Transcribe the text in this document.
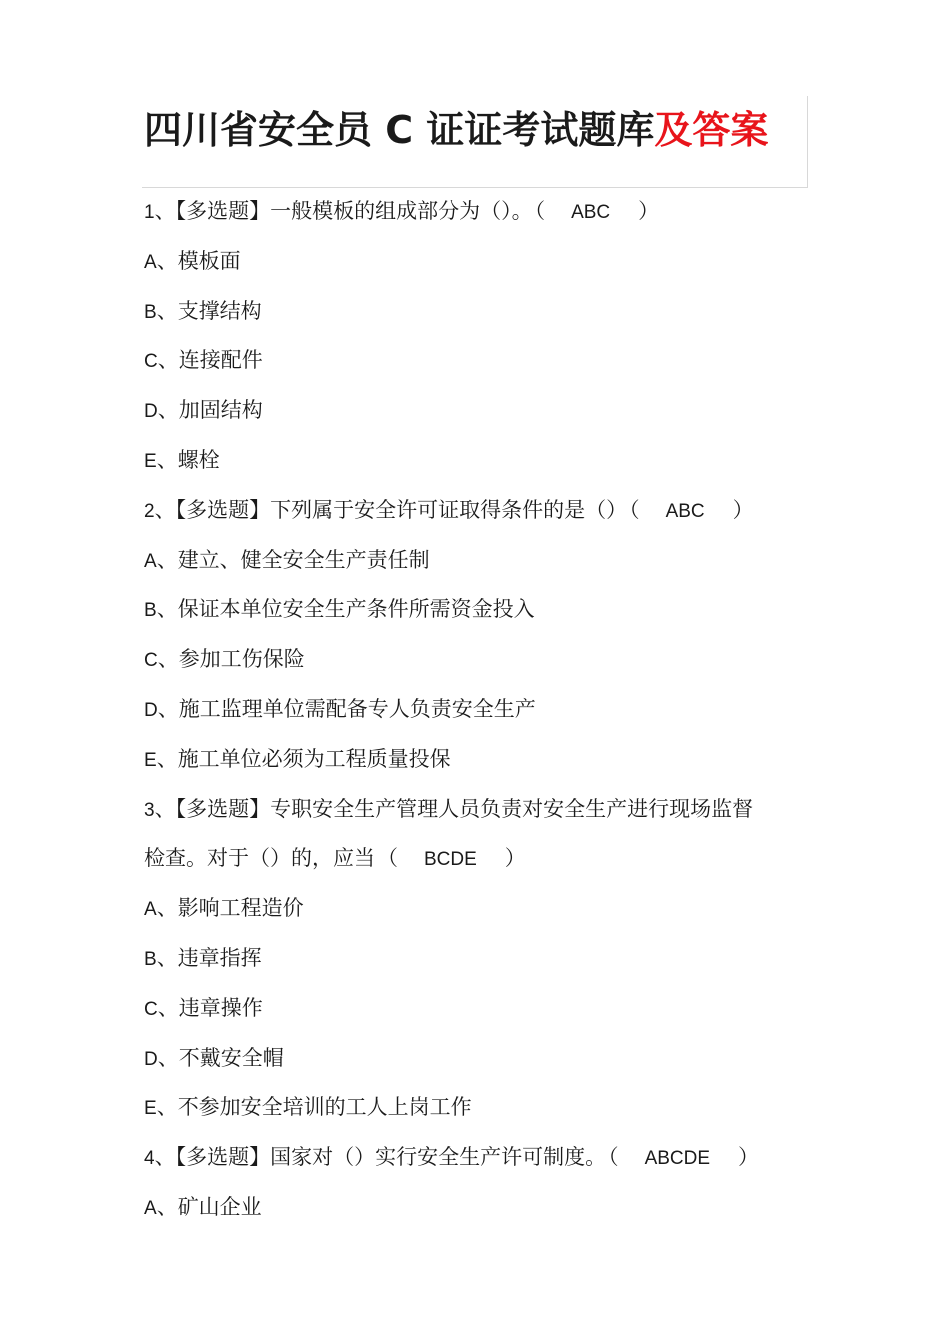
四川省安全员 C 证证考试题库及答案
1、【多选题】一般模板的组成部分为（）。（ ABC ）
A、模板面
B、支撑结构
C、连接配件
D、加固结构
E、螺栓
2、【多选题】下列属于安全许可证取得条件的是（）（ ABC ）
A、建立、健全安全生产责任制
B、保证本单位安全生产条件所需资金投入
C、参加工伤保险
D、施工监理单位需配备专人负责安全生产
E、施工单位必须为工程质量投保
3、【多选题】专职安全生产管理人员负责对安全生产进行现场监督
检查。对于（）的，应当（ BCDE ）
A、影响工程造价
B、违章指挥
C、违章操作
D、不戴安全帽
E、不参加安全培训的工人上岗工作
4、【多选题】国家对（）实行安全生产许可制度。（ ABCDE ）
A、矿山企业
